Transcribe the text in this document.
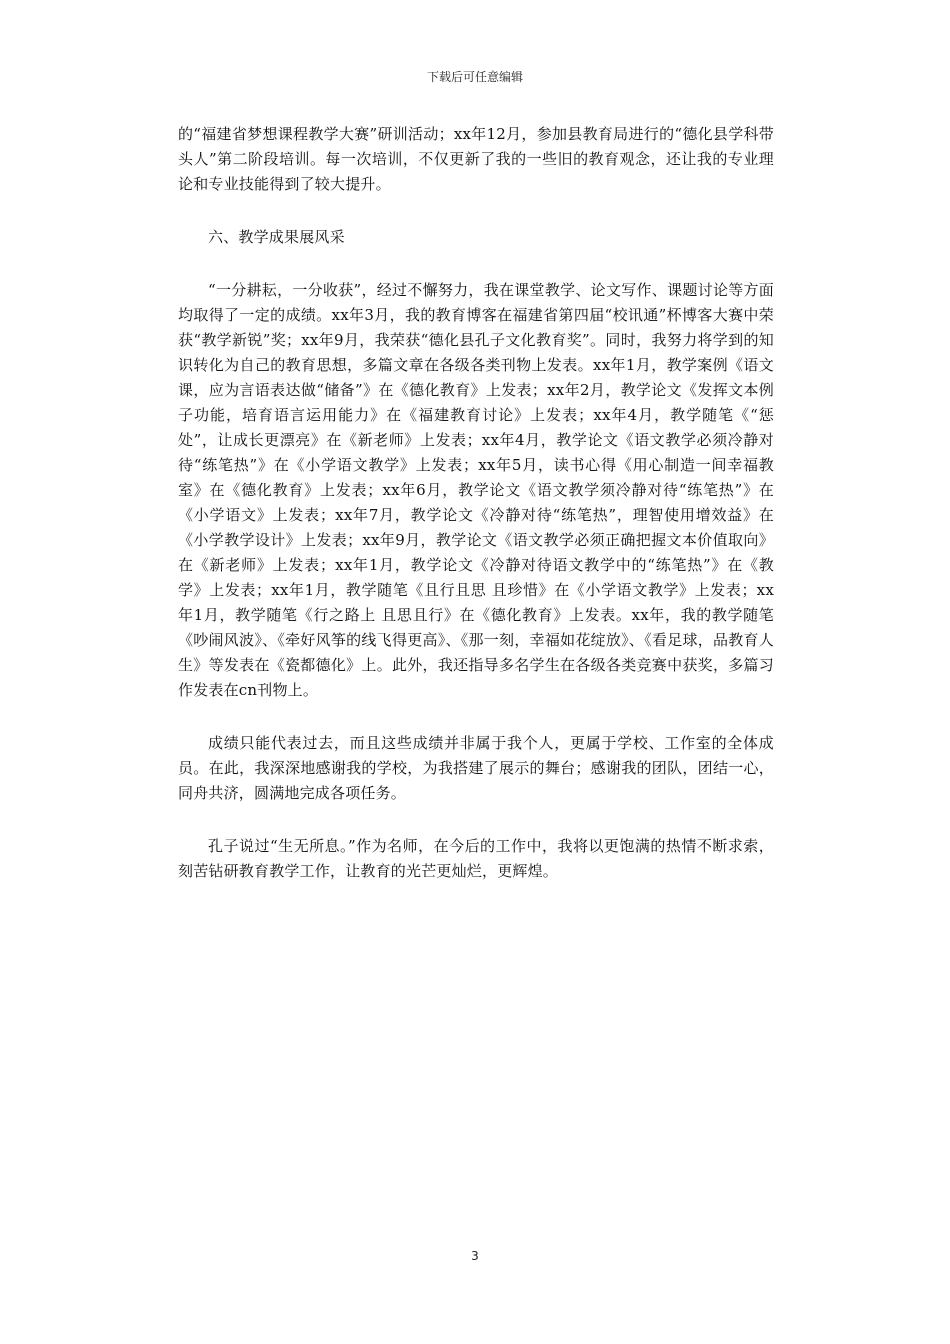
下载后可任意编辑

的“福建省梦想课程教学大赛”研训活动；xx年12月，参加县教育局进行的“德化县学科带头人”第二阶段培训。每一次培训，不仅更新了我的一些旧的教育观念，还让我的专业理论和专业技能得到了较大提升。

六、教学成果展风采

“一分耕耘，一分收获”，经过不懈努力，我在课堂教学、论文写作、课题讨论等方面均取得了一定的成绩。xx年3月，我的教育博客在福建省第四届“校讯通”杯博客大赛中荣获“教学新锐”奖；xx年9月，我荣获“德化县孔子文化教育奖”。同时，我努力将学到的知识转化为自己的教育思想，多篇文章在各级各类刊物上发表。xx年1月，教学案例《语文课，应为言语表达做“储备”》在《德化教育》上发表；xx年2月，教学论文《发挥文本例子功能，培育语言运用能力》在《福建教育讨论》上发表；xx年4月，教学随笔《“惩处”，让成长更漂亮》在《新老师》上发表；xx年4月，教学论文《语文教学必须冷静对待“练笔热”》在《小学语文教学》上发表；xx年5月，读书心得《用心制造一间幸福教室》在《德化教育》上发表；xx年6月，教学论文《语文教学须冷静对待“练笔热”》在《小学语文》上发表；xx年7月，教学论文《冷静对待“练笔热”，理智使用增效益》在《小学教学设计》上发表；xx年9月，教学论文《语文教学必须正确把握文本价值取向》在《新老师》上发表；xx年1月，教学论文《冷静对待语文教学中的“练笔热”》在《教学》上发表；xx年1月，教学随笔《且行且思 且珍惜》在《小学语文教学》上发表；xx年1月，教学随笔《行之路上 且思且行》在《德化教育》上发表。xx年，我的教学随笔《吵闹风波》、《牵好风筝的线飞得更高》、《那一刻，幸福如花绽放》、《看足球，品教育人生》等发表在《瓷都德化》上。此外，我还指导多名学生在各级各类竞赛中获奖，多篇习作发表在cn刊物上。

成绩只能代表过去，而且这些成绩并非属于我个人，更属于学校、工作室的全体成员。在此，我深深地感谢我的学校，为我搭建了展示的舞台；感谢我的团队，团结一心，同舟共济，圆满地完成各项任务。

孔子说过“生无所息。”作为名师，在今后的工作中，我将以更饱满的热情不断求索，刻苦钻研教育教学工作，让教育的光芒更灿烂，更辉煌。

3
